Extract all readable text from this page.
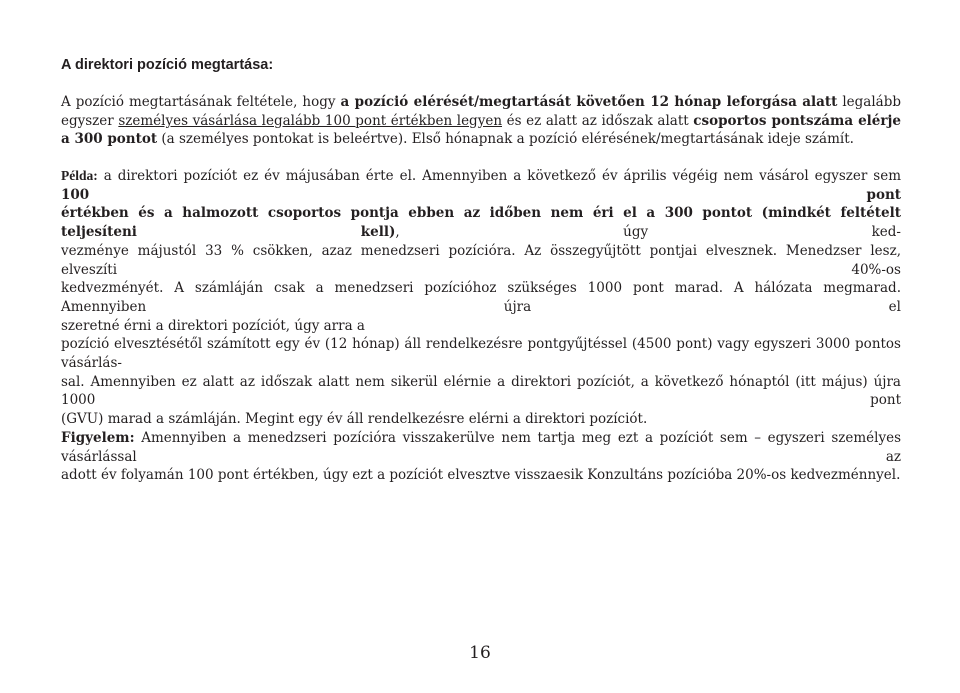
A direktori pozíció megtartása:

A pozíció megtartásának feltétele, hogy a pozíció elérését/megtartását követően 12 hónap leforgása alatt legalább egyszer személyes vásárlása legalább 100 pont értékben legyen és ez alatt az időszak alatt csoportos pontszáma elérje a 300 pontot (a személyes pontokat is beleértve). Első hónapnak a pozíció elérésének/megtartásának ideje számít.

Példa: a direktori pozíciót ez év májusában érte el. Amennyiben a következő év április végéig nem vásárol egyszer sem 100 pont
értékben és a halmozott csoportos pontja ebben az időben nem éri el a 300 pontot (mindkét feltételt teljesíteni kell), úgy ked-
vezménye májustól 33 % csökken, azaz menedzseri pozícióra. Az összegyűjtött pontjai elvesznek. Menedzser lesz, elveszíti 40%-os
kedvezményét. A számláján csak a menedzseri pozícióhoz szükséges 1000 pont marad. A hálózata megmarad. Amennyiben újra el
szeretné érni a direktori pozíciót, úgy arra a
pozíció elvesztésétől számított egy év (12 hónap) áll rendelkezésre pontgyűjtéssel (4500 pont) vagy egyszeri 3000 pontos vásárlás-
sal. Amennyiben ez alatt az időszak alatt nem sikerül elérnie a direktori pozíciót, a következő hónaptól (itt május) újra 1000 pont
(GVU) marad a számláján. Megint egy év áll rendelkezésre elérni a direktori pozíciót.
Figyelem: Amennyiben a menedzseri pozícióra visszakerülve nem tartja meg ezt a pozíciót sem – egyszeri személyes vásárlással az
adott év folyamán 100 pont értékben, úgy ezt a pozíciót elvesztve visszaesik Konzultáns pozícióba 20%-os kedvezménnyel.
16
